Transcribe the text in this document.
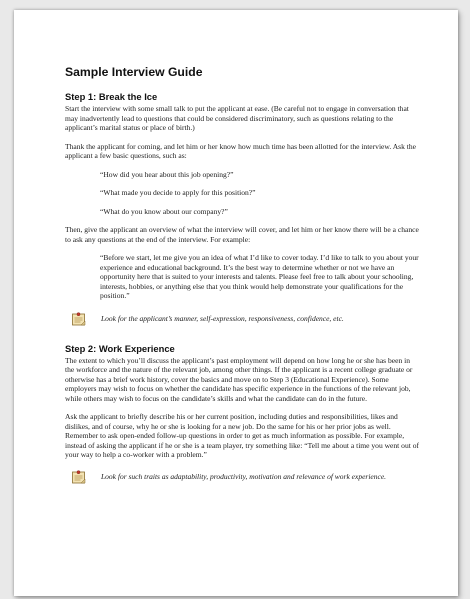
Sample Interview Guide
Step 1: Break the Ice

Start the interview with some small talk to put the applicant at ease. (Be careful not to engage in conversation that may inadvertently lead to questions that could be considered discriminatory, such as questions relating to the applicant’s marital status or place of birth.)

Thank the applicant for coming, and let him or her know how much time has been allotted for the interview. Ask the applicant a few basic questions, such as:

“How did you hear about this job opening?”

“What made you decide to apply for this position?”

“What do you know about our company?”

Then, give the applicant an overview of what the interview will cover, and let him or her know there will be a chance to ask any questions at the end of the interview. For example:

“Before we start, let me give you an idea of what I’d like to cover today. I’d like to talk to you about your experience and educational background. It’s the best way to determine whether or not we have an opportunity here that is suited to your interests and talents. Please feel free to talk about your schooling, interests, hobbies, or anything else that you think would help demonstrate your qualifications for the position.”

Look for the applicant’s manner, self-expression, responsiveness, confidence, etc.
Step 2: Work Experience

The extent to which you’ll discuss the applicant’s past employment will depend on how long he or she has been in the workforce and the nature of the relevant job, among other things. If the applicant is a recent college graduate or otherwise has a brief work history, cover the basics and move on to Step 3 (Educational Experience). Some employers may wish to focus on whether the candidate has specific experience in the functions of the relevant job, while others may wish to focus on the candidate’s skills and what the candidate can do in the future.

Ask the applicant to briefly describe his or her current position, including duties and responsibilities, likes and dislikes, and of course, why he or she is looking for a new job. Do the same for his or her prior jobs as well. Remember to ask open-ended follow-up questions in order to get as much information as possible. For example, instead of asking the applicant if he or she is a team player, try something like: “Tell me about a time you went out of your way to help a co-worker with a problem.”

Look for such traits as adaptability, productivity, motivation and relevance of work experience.
